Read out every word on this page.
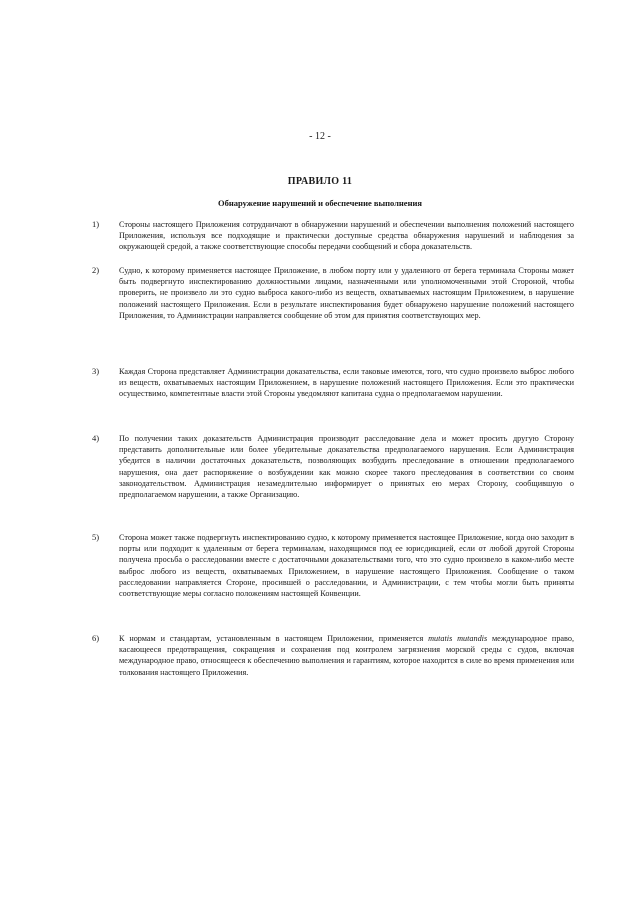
- 12 -
ПРАВИЛО 11
Обнаружение нарушений и обеспечение выполнения
1) Стороны настоящего Приложения сотрудничают в обнаружении нарушений и обеспечении выполнения положений настоящего Приложения, используя все подходящие и практически доступные средства обнаружения нарушений и наблюдения за окружающей средой, а также соответствующие способы передачи сообщений и сбора доказательств.
2) Судно, к которому применяется настоящее Приложение, в любом порту или у удаленного от берега терминала Стороны может быть подвергнуто инспектированию должностными лицами, назначенными или уполномоченными этой Стороной, чтобы проверить, не произвело ли это судно выброса какого-либо из веществ, охватываемых настоящим Приложением, в нарушение положений настоящего Приложения. Если в результате инспектирования будет обнаружено нарушение положений настоящего Приложения, то Администрации направляется сообщение об этом для принятия соответствующих мер.
3) Каждая Сторона представляет Администрации доказательства, если таковые имеются, того, что судно произвело выброс любого из веществ, охватываемых настоящим Приложением, в нарушение положений настоящего Приложения. Если это практически осуществимо, компетентные власти этой Стороны уведомляют капитана судна о предполагаемом нарушении.
4) По получении таких доказательств Администрация производит расследование дела и может просить другую Сторону представить дополнительные или более убедительные доказательства предполагаемого нарушения. Если Администрация убедится в наличии достаточных доказательств, позволяющих возбудить преследование в отношении предполагаемого нарушения, она дает распоряжение о возбуждении как можно скорее такого преследования в соответствии со своим законодательством. Администрация незамедлительно информирует о принятых ею мерах Сторону, сообщившую о предполагаемом нарушении, а также Организацию.
5) Сторона может также подвергнуть инспектированию судно, к которому применяется настоящее Приложение, когда оно заходит в порты или подходит к удаленным от берега терминалам, находящимся под ее юрисдикцией, если от любой другой Стороны получена просьба о расследовании вместе с достаточными доказательствами того, что это судно произвело в каком-либо месте выброс любого из веществ, охватываемых Приложением, в нарушение настоящего Приложения. Сообщение о таком расследовании направляется Стороне, просившей о расследовании, и Администрации, с тем чтобы могли быть приняты соответствующие меры согласно положениям настоящей Конвенции.
6) К нормам и стандартам, установленным в настоящем Приложении, применяется mutatis mutandis международное право, касающееся предотвращения, сокращения и сохранения под контролем загрязнения морской среды с судов, включая международное право, относящееся к обеспечению выполнения и гарантиям, которое находится в силе во время применения или толкования настоящего Приложения.
